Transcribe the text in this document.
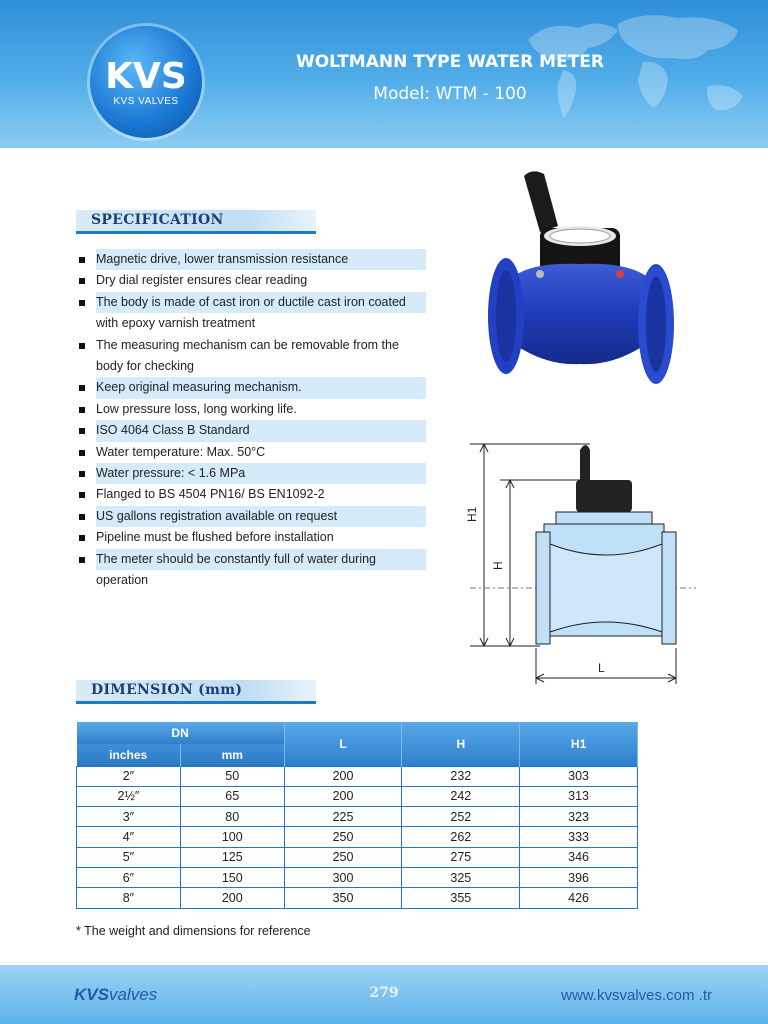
KVS
KVS VALVES
WOLTMANN TYPE WATER METER
Model: WTM - 100
SPECIFICATION
Magnetic drive, lower transmission resistance
Dry dial register ensures clear reading
The body is made of cast iron or ductile cast iron coated
with epoxy varnish treatment
The measuring mechanism can be removable from the
body for checking
Keep original measuring mechanism.
Low pressure loss, long working life.
ISO 4064 Class B Standard
Water temperature: Max. 50°C
Water pressure: < 1.6 MPa
Flanged to BS 4504 PN16/ BS EN1092-2
US gallons registration available on request
Pipeline must be flushed before installation
The meter should be constantly full of water during
operation
H1
H
L
DIMENSION (mm)
DN		L	H	H1
inches	mm			
2″	50	200	232	303
2½″	65	200	242	313
3″	80	225	252	323
4″	100	250	262	333
5″	125	250	275	346
6″	150	300	325	396
8″	200	350	355	426
* The weight and dimensions for reference
KVSvalves	279	www.kvsvalves.com .tr
